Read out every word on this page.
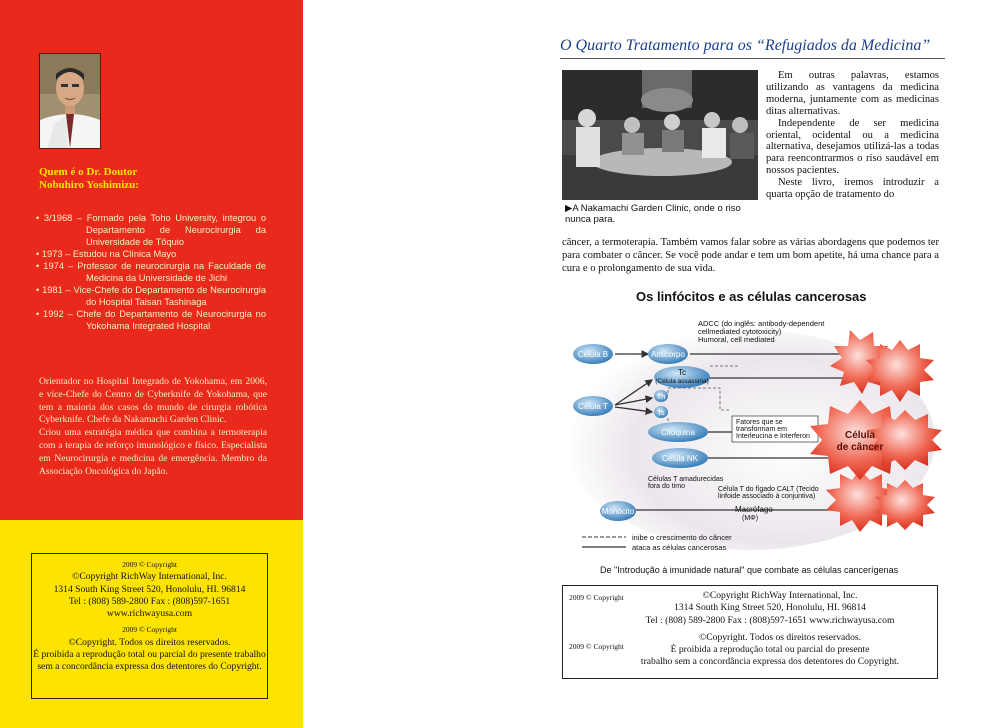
Quem é o Dr. Doutor
Nobuhiro Yoshimizu:
• 3/1968 – Formado pela Toho University, integrou o Departamento de Neurocirurgia da Universidade de Tôquio
• 1973 – Estudou na Clínica Mayo
• 1974 – Professor de neurocirurgia na Faculdade de Medicina da Universidade de Jichi
• 1981 – Vice-Chefe do Departamento de Neurocirurgia do Hospital Taisan Tashinaga
• 1992 – Chefe do Departamento de Neurocirurgia no Yokohama Integrated Hospital

Orientador no Hospital Integrado de Yokohama, em 2006, e vice-Chefe do Centro de Cyberknife de Yokohama, que tem a maioria dos casos do mundo de cirurgia robótica Cyberknife. Chefe da Nakamachi Garden Clinic.

Criou uma estratégia médica que combina a termoterapia com a terapia de reforço imunológico e físico. Especialista em Neurocirurgia e medicina de emergência. Membro da Associação Oncológica do Japão.

2009 © Copyright
©Copyright RichWay International, Inc.
1314 South King Street 520, Honolulu, HI. 96814
Tel : (808) 589-2800 Fax : (808)597-1651
www.richwayusa.com
2009 © Copyright
©Copyright. Todos os direitos reservados.
É proibida a reprodução total ou parcial do presente trabalho sem a concordância expressa dos detentores do Copyright.
O Quarto Tratamento para os “Refugiados da Medicina”
▶A Nakamachi Garden Clinic, onde o riso nunca para.

Em outras palavras, estamos utilizando as vantagens da medicina moderna, juntamente com as medicinas ditas alternativas.

Independente de ser medicina oriental, ocidental ou a medicina alternativa, desejamos utilizá-las a todas para reencontrarmos o riso saudável em nossos pacientes.

Neste livro, iremos introduzir a quarta opção de tratamento do

câncer, a termoterapia. Também vamos falar sobre as várias abordagens que podemos ter para combater o câncer. Se você pode andar e tem um bom apetite, há uma chance para a cura e o prolongamento de sua vida.
Os linfócitos e as células cancerosas
ADCC (do inglês: antibody-dependent
cellmediated cytotoxicity)
Humoral, cell mediated
Célula B
Célula T
Anticorpo
Tc
(Célula assassina)
Th
Ts
Fatores que se
transformam em
Interleucina e Interferon
Citoquina
Célula NK
Células T amadurecidas
fora do timo	Célula T do fígado CALT (Tecido
linfoide associado à conjuntiva)
Monócito	Macrófago
(MΦ)
Célula
de câncer
inibe o crescimento do câncer
ataca as células cancerosas
De "Introdução à imunidade natural" que combate as células cancerígenas
2009 © Copyright	©Copyright RichWay International, Inc.
1314 South King Street 520, Honolulu, HI. 96814
Tel : (808) 589-2800 Fax : (808)597-1651 www.richwayusa.com
2009 © Copyright
©Copyright. Todos os direitos reservados.
É proibida a reprodução total ou parcial do presente
trabalho sem a concordância expressa dos detentores do Copyright.
